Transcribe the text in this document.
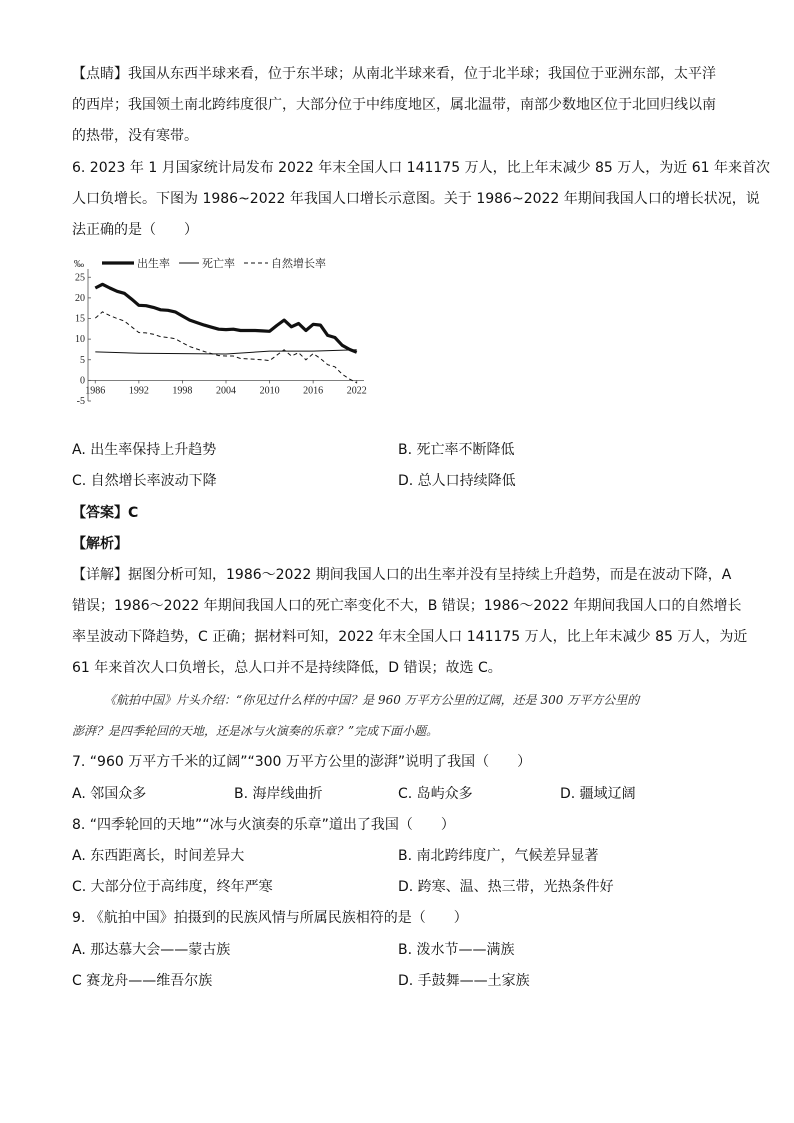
【点睛】我国从东西半球来看，位于东半球；从南北半球来看，位于北半球；我国位于亚洲东部，太平洋
的西岸；我国领土南北跨纬度很广，大部分位于中纬度地区，属北温带，南部少数地区位于北回归线以南
的热带，没有寒带。
6. 2023 年 1 月国家统计局发布 2022 年末全国人口 141175 万人，比上年末减少 85 万人，为近 61 年来首次
人口负增长。下图为 1986~2022 年我国人口增长示意图。关于 1986~2022 年期间我国人口的增长状况，说
法正确的是（　　）
25
20
15
10
5
0
-5
‰
1986 1992 1998 2004 2010 2016 2022
出生率	死亡率	自然增长率
A. 出生率保持上升趋势	B. 死亡率不断降低
C. 自然增长率波动下降	D. 总人口持续降低
【答案】C
【解析】
【详解】据图分析可知，1986～2022 期间我国人口的出生率并没有呈持续上升趋势，而是在波动下降，A
错误；1986～2022 年期间我国人口的死亡率变化不大，B 错误；1986～2022 年期间我国人口的自然增长
率呈波动下降趋势，C 正确；据材料可知，2022 年末全国人口 141175 万人，比上年末减少 85 万人，为近
61 年来首次人口负增长，总人口并不是持续降低，D 错误；故选 C。
《航拍中国》片头介绍：“你见过什么样的中国？是 960 万平方公里的辽阔，还是 300 万平方公里的
澎湃？是四季轮回的天地，还是冰与火演奏的乐章？”完成下面小题。
7. “960 万平方千米的辽阔”“300 万平方公里的澎湃”说明了我国（　　）
A. 邻国众多	B. 海岸线曲折	C. 岛屿众多	D. 疆域辽阔
8. “四季轮回的天地”“冰与火演奏的乐章”道出了我国（　　）
A. 东西距离长，时间差异大	B. 南北跨纬度广，气候差异显著
C. 大部分位于高纬度，终年严寒	D. 跨寒、温、热三带，光热条件好
9. 《航拍中国》拍摄到的民族风情与所属民族相符的是（　　）
A. 那达慕大会——蒙古族	B. 泼水节——满族
C 赛龙舟——维吾尔族	D. 手鼓舞——土家族
